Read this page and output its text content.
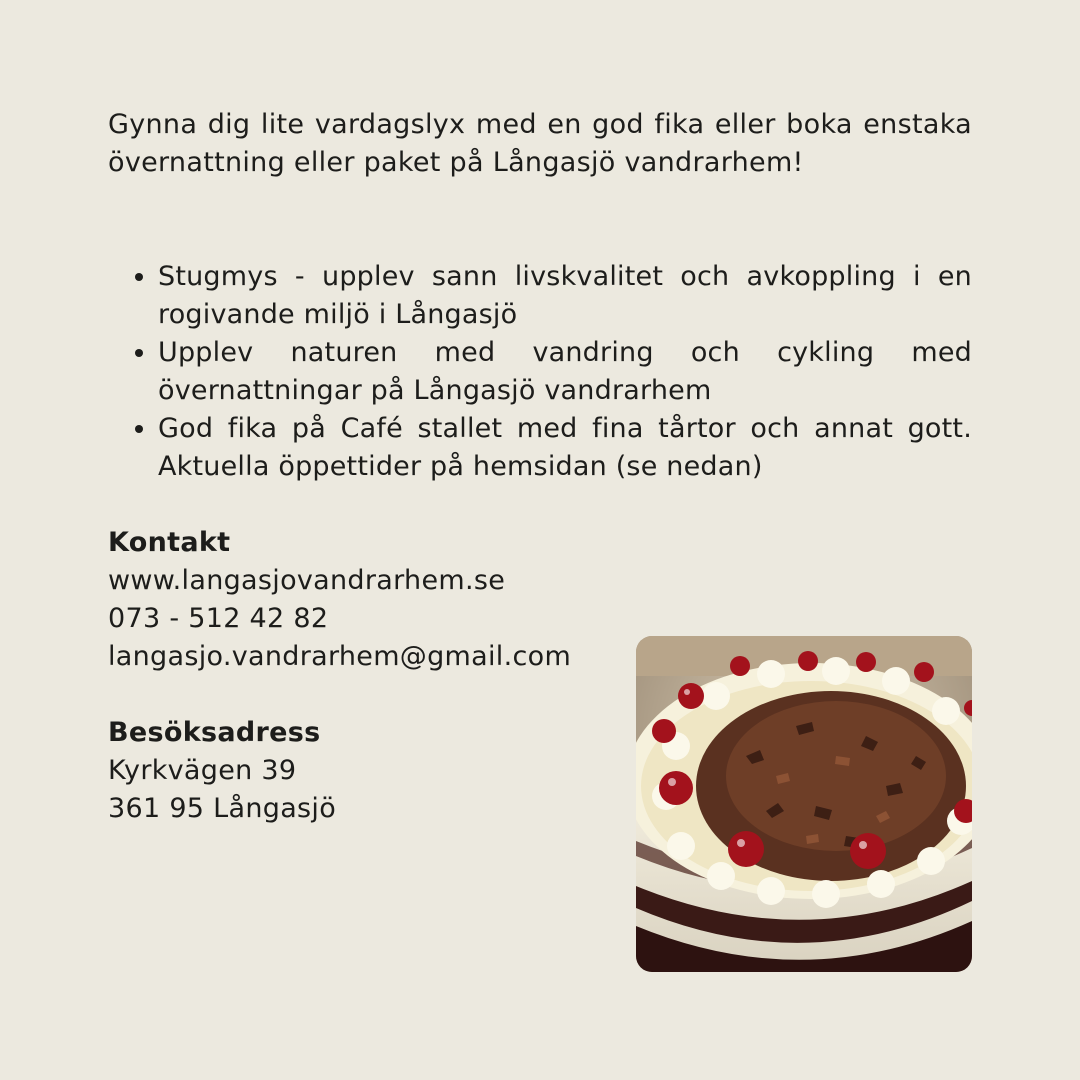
Gynna dig lite vardagslyx med en god fika eller boka enstaka övernattning eller paket på Långasjö vandrarhem!

• Stugmys - upplev sann livskvalitet och avkoppling i en rogivande miljö i Långasjö
• Upplev naturen med vandring och cykling med övernattningar på Långasjö vandrarhem
• God fika på Café stallet med fina tårtor och annat gott. Aktuella öppettider på hemsidan (se nedan)
Kontakt
www.langasjovandrarhem.se
073 - 512 42 82
langasjo.vandrarhem@gmail.com
Besöksadress
Kyrkvägen 39
361 95 Långasjö
